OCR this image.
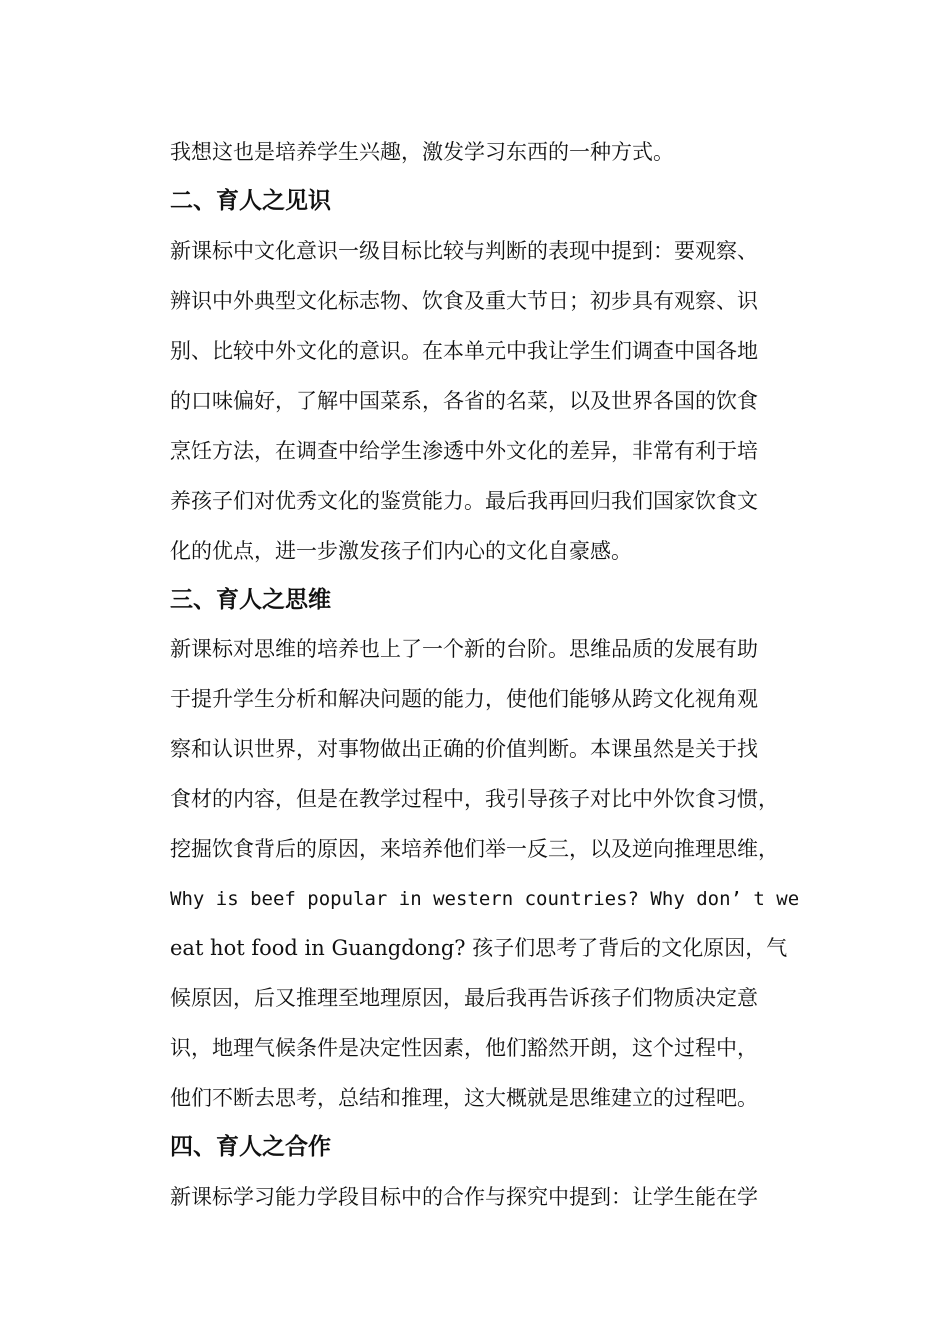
我想这也是培养学生兴趣，激发学习东西的一种方式。
二、育人之见识
新课标中文化意识一级目标比较与判断的表现中提到：要观察、
辨识中外典型文化标志物、饮食及重大节日；初步具有观察、识
别、比较中外文化的意识。在本单元中我让学生们调查中国各地
的口味偏好，了解中国菜系，各省的名菜，以及世界各国的饮食
烹饪方法，在调查中给学生渗透中外文化的差异，非常有利于培
养孩子们对优秀文化的鉴赏能力。最后我再回归我们国家饮食文
化的优点，进一步激发孩子们内心的文化自豪感。
三、育人之思维
新课标对思维的培养也上了一个新的台阶。思维品质的发展有助
于提升学生分析和解决问题的能力，使他们能够从跨文化视角观
察和认识世界，对事物做出正确的价值判断。本课虽然是关于找
食材的内容，但是在教学过程中，我引导孩子对比中外饮食习惯，
挖掘饮食背后的原因，来培养他们举一反三，以及逆向推理思维，
Why is beef popular in western countries? Why don’ t we
eat hot food in Guangdong? 孩子们思考了背后的文化原因，气
候原因，后又推理至地理原因，最后我再告诉孩子们物质决定意
识，地理气候条件是决定性因素，他们豁然开朗，这个过程中，
他们不断去思考，总结和推理，这大概就是思维建立的过程吧。
四、育人之合作
新课标学习能力学段目标中的合作与探究中提到：让学生能在学
